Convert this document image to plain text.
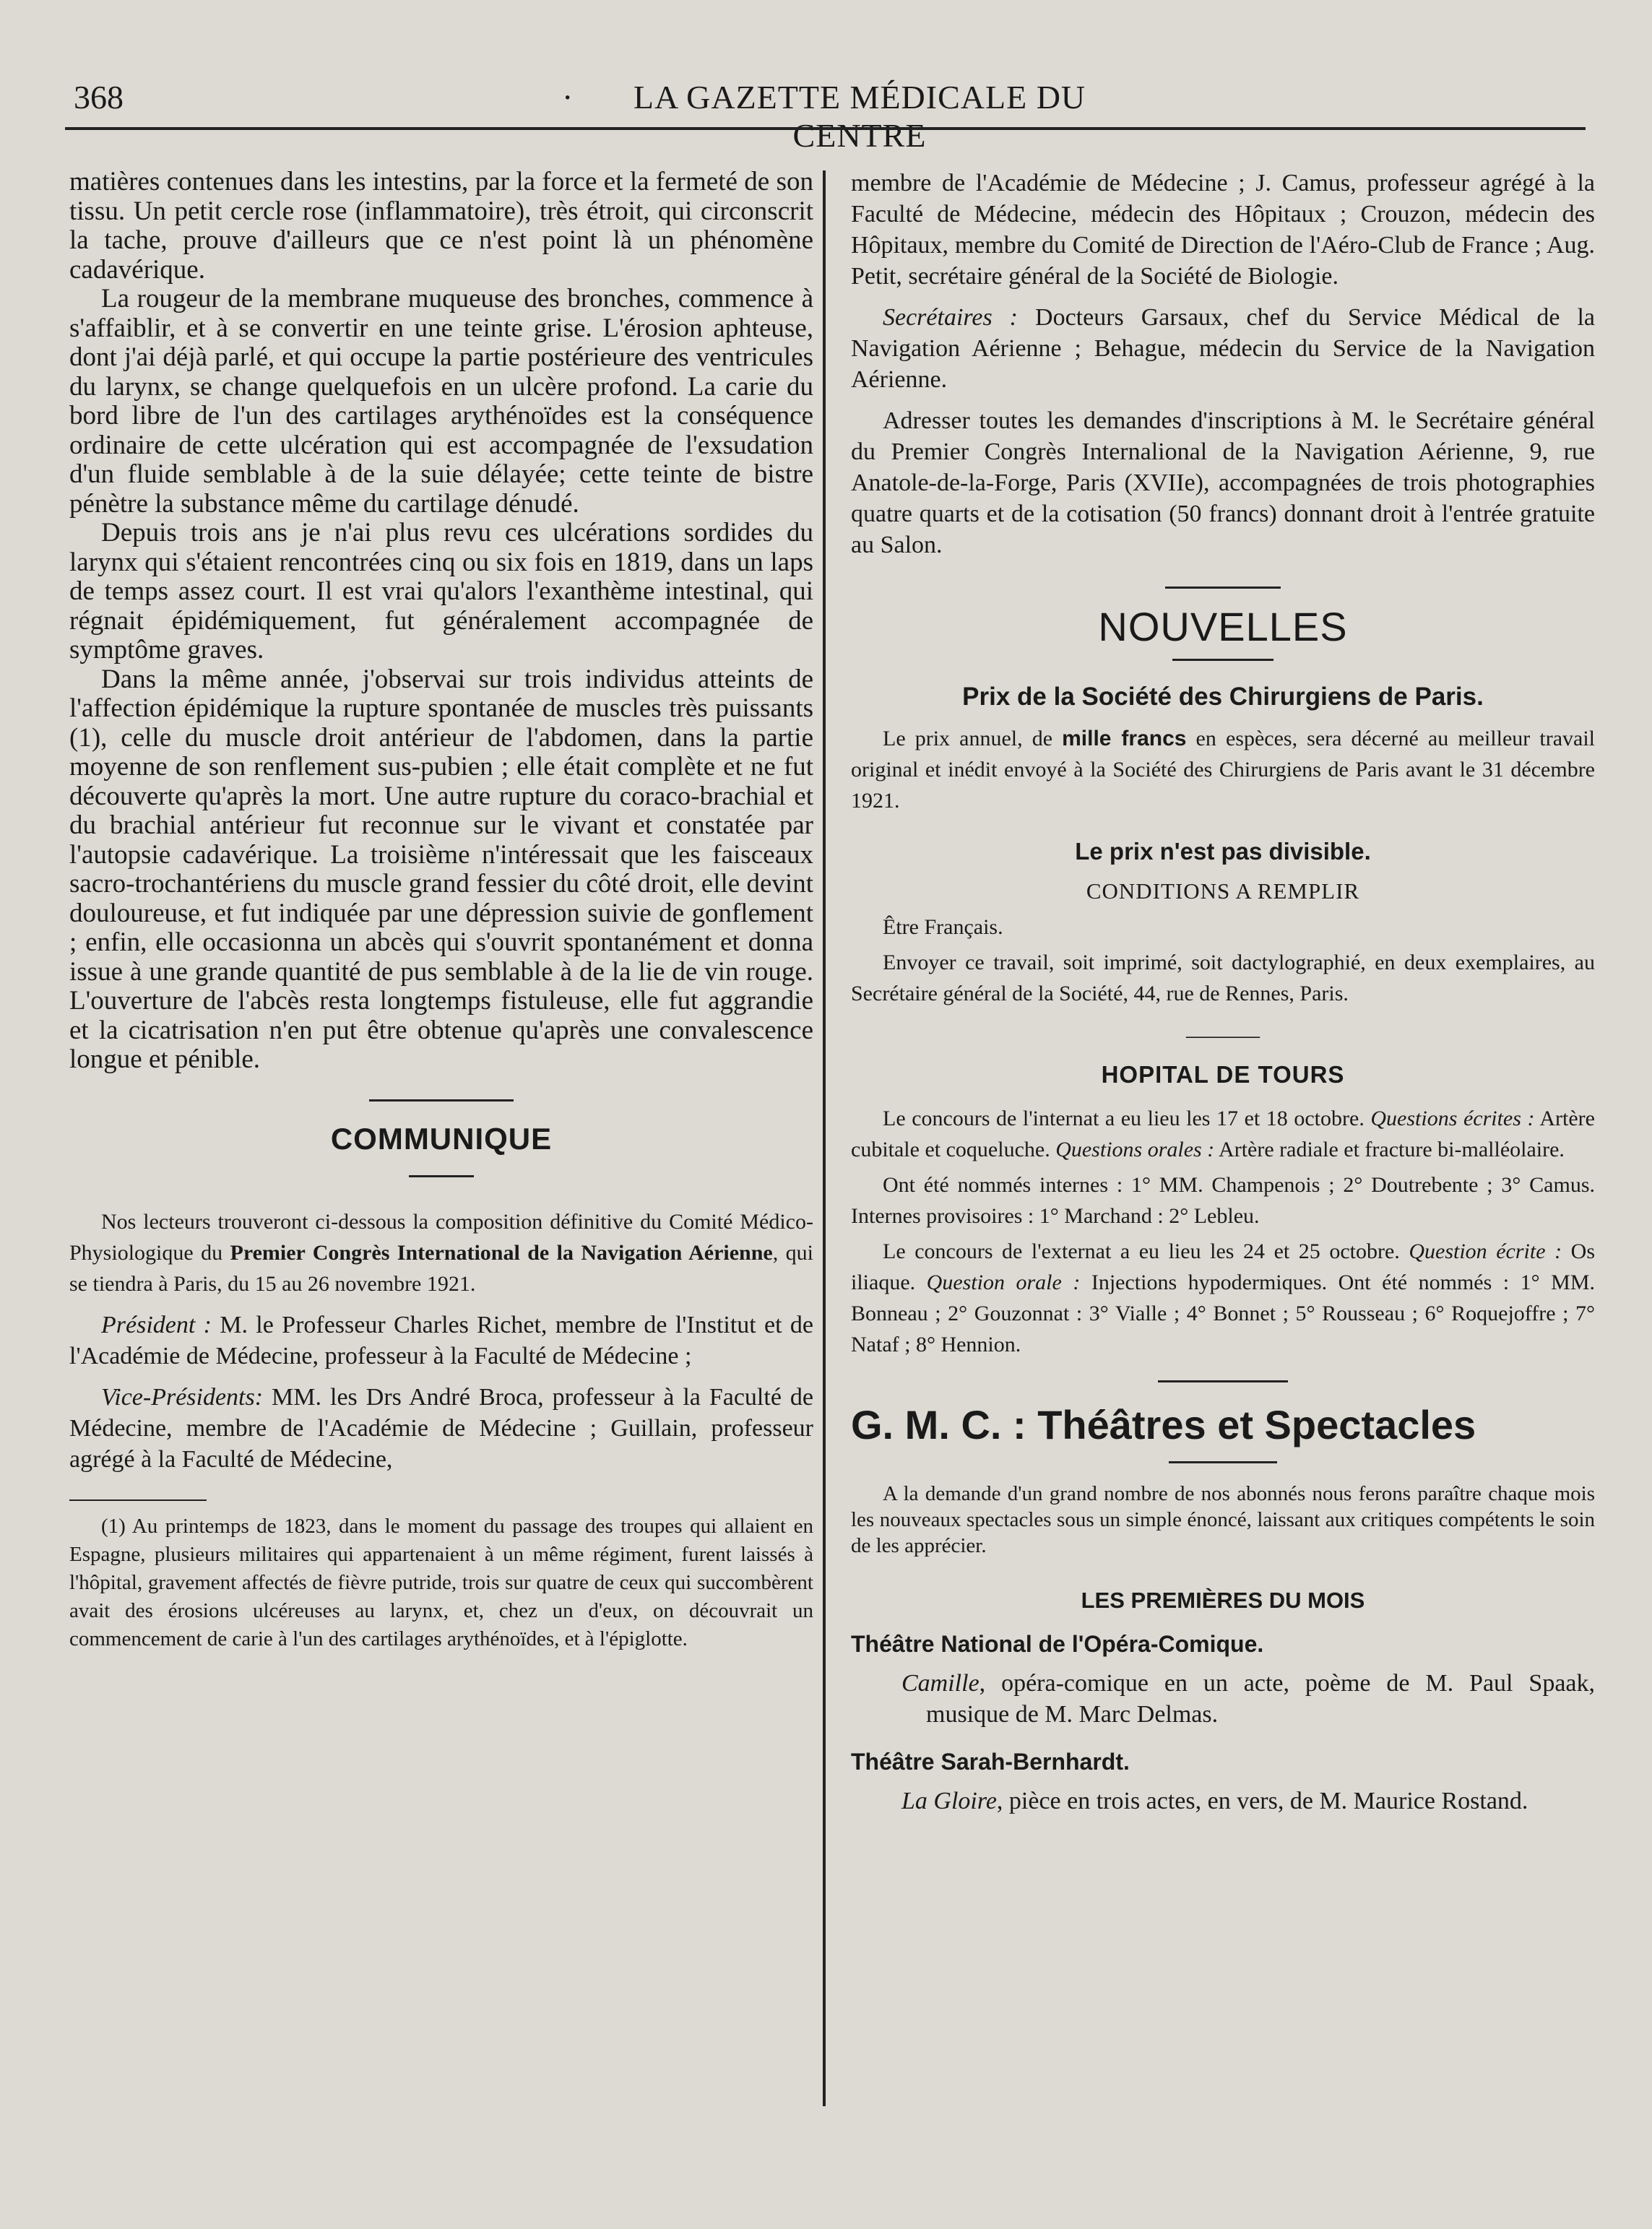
368	·	LA GAZETTE MÉDICALE DU CENTRE

matières contenues dans les intestins, par la force et la fermeté de son tissu. Un petit cercle rose (inflammatoire), très étroit, qui circonscrit la tache, prouve d'ailleurs que ce n'est point là un phénomène cadavérique.

La rougeur de la membrane muqueuse des bronches, commence à s'affaiblir, et à se convertir en une teinte grise. L'érosion aphteuse, dont j'ai déjà parlé, et qui occupe la partie postérieure des ventricules du larynx, se change quelquefois en un ulcère profond. La carie du bord libre de l'un des cartilages arythénoïdes est la conséquence ordinaire de cette ulcération qui est accompagnée de l'exsudation d'un fluide semblable à de la suie délayée; cette teinte de bistre pénètre la substance même du cartilage dénudé.

Depuis trois ans je n'ai plus revu ces ulcérations sordides du larynx qui s'étaient rencontrées cinq ou six fois en 1819, dans un laps de temps assez court. Il est vrai qu'alors l'exanthème intestinal, qui régnait épidémiquement, fut généralement accompagnée de symptôme graves.

Dans la même année, j'observai sur trois individus atteints de l'affection épidémique la rupture spontanée de muscles très puissants (1), celle du muscle droit antérieur de l'abdomen, dans la partie moyenne de son renflement sus-pubien ; elle était complète et ne fut découverte qu'après la mort. Une autre rupture du coraco-brachial et du brachial antérieur fut reconnue sur le vivant et constatée par l'autopsie cadavérique. La troisième n'intéressait que les faisceaux sacro-trochantériens du muscle grand fessier du côté droit, elle devint douloureuse, et fut indiquée par une dépression suivie de gonflement ; enfin, elle occasionna un abcès qui s'ouvrit spontanément et donna issue à une grande quantité de pus semblable à de la lie de vin rouge. L'ouverture de l'abcès resta longtemps fistuleuse, elle fut aggrandie et la cicatrisation n'en put être obtenue qu'après une convalescence longue et pénible.

COMMUNIQUE

Nos lecteurs trouveront ci-dessous la composition définitive du Comité Médico-Physiologique du Premier Congrès International de la Navigation Aérienne, qui se tiendra à Paris, du 15 au 26 novembre 1921.

Président : M. le Professeur Charles Richet, membre de l'Institut et de l'Académie de Médecine, professeur à la Faculté de Médecine ;

Vice-Présidents: MM. les Drs André Broca, professeur à la Faculté de Médecine, membre de l'Académie de Médecine ; Guillain, professeur agrégé à la Faculté de Médecine,

(1) Au printemps de 1823, dans le moment du passage des troupes qui allaient en Espagne, plusieurs militaires qui appartenaient à un même régiment, furent laissés à l'hôpital, gravement affectés de fièvre putride, trois sur quatre de ceux qui succombèrent avait des érosions ulcéreuses au larynx, et, chez un d'eux, on découvrait un commencement de carie à l'un des cartilages arythénoïdes, et à l'épiglotte.

membre de l'Académie de Médecine ; J. Camus, professeur agrégé à la Faculté de Médecine, médecin des Hôpitaux ; Crouzon, médecin des Hôpitaux, membre du Comité de Direction de l'Aéro-Club de France ; Aug. Petit, secrétaire général de la Société de Biologie.

Secrétaires : Docteurs Garsaux, chef du Service Médical de la Navigation Aérienne ; Behague, médecin du Service de la Navigation Aérienne.

Adresser toutes les demandes d'inscriptions à M. le Secrétaire général du Premier Congrès Internalional de la Navigation Aérienne, 9, rue Anatole-de-la-Forge, Paris (XVIIe), accompagnées de trois photographies quatre quarts et de la cotisation (50 francs) donnant droit à l'entrée gratuite au Salon.

NOUVELLES
Prix de la Société des Chirurgiens de Paris.

Le prix annuel, de mille francs en espèces, sera décerné au meilleur travail original et inédit envoyé à la Société des Chirurgiens de Paris avant le 31 décembre 1921.

Le prix n'est pas divisible.
CONDITIONS A REMPLIR

Être Français.

Envoyer ce travail, soit imprimé, soit dactylographié, en deux exemplaires, au Secrétaire général de la Société, 44, rue de Rennes, Paris.

———
HOPITAL DE TOURS

Le concours de l'internat a eu lieu les 17 et 18 octobre. Questions écrites : Artère cubitale et coqueluche. Questions orales : Artère radiale et fracture bi-malléolaire.

Ont été nommés internes : 1° MM. Champenois ; 2° Doutrebente ; 3° Camus. Internes provisoires : 1° Marchand : 2° Lebleu.

Le concours de l'externat a eu lieu les 24 et 25 octobre. Question écrite : Os iliaque. Question orale : Injections hypodermiques. Ont été nommés : 1° MM. Bonneau ; 2° Gouzonnat : 3° Vialle ; 4° Bonnet ; 5° Rousseau ; 6° Roquejoffre ; 7° Nataf ; 8° Hennion.

G. M. C. : Théâtres et Spectacles

A la demande d'un grand nombre de nos abonnés nous ferons paraître chaque mois les nouveaux spectacles sous un simple énoncé, laissant aux critiques compétents le soin de les apprécier.

LES PREMIÈRES DU MOIS
Théâtre National de l'Opéra-Comique.

Camille, opéra-comique en un acte, poème de M. Paul Spaak, musique de M. Marc Delmas.

Théâtre Sarah-Bernhardt.

La Gloire, pièce en trois actes, en vers, de M. Maurice Rostand.
